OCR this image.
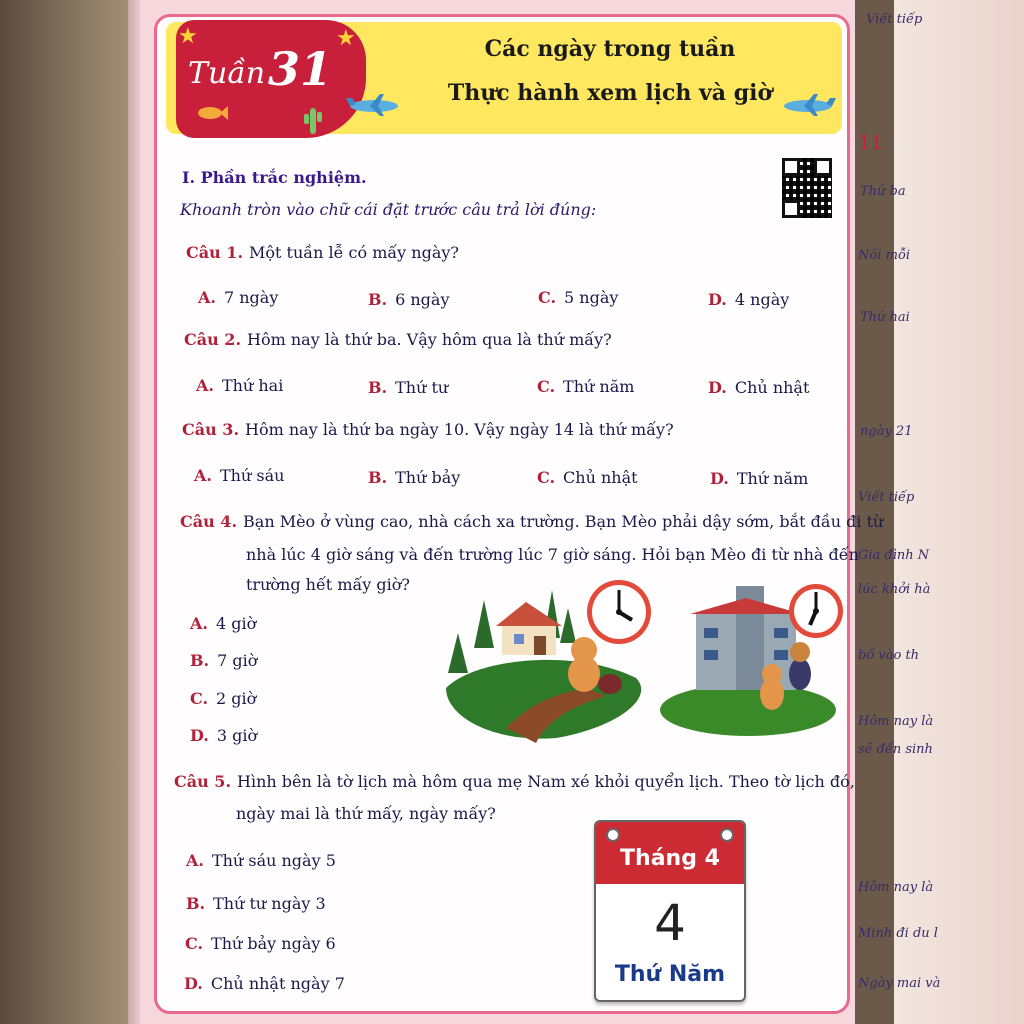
Tuần 31
★	★	Các ngày trong tuần
Thực hành xem lịch và giờ
I. Phần trắc nghiệm.
Khoanh tròn vào chữ cái đặt trước câu trả lời đúng:
Câu 1. Một tuần lễ có mấy ngày?
A. 7 ngày	B. 6 ngày	C. 5 ngày	D. 4 ngày
Câu 2. Hôm nay là thứ ba. Vậy hôm qua là thứ mấy?
A. Thứ hai	B. Thứ tư	C. Thứ năm	D. Chủ nhật
Câu 3. Hôm nay là thứ ba ngày 10. Vậy ngày 14 là thứ mấy?
A. Thứ sáu	B. Thứ bảy	C. Chủ nhật	D. Thứ năm
Câu 4. Bạn Mèo ở vùng cao, nhà cách xa trường. Bạn Mèo phải dậy sớm, bắt đầu đi từ
nhà lúc 4 giờ sáng và đến trường lúc 7 giờ sáng. Hỏi bạn Mèo đi từ nhà đến
trường hết mấy giờ?
A. 4 giờ
B. 7 giờ
C. 2 giờ
D. 3 giờ
Câu 5. Hình bên là tờ lịch mà hôm qua mẹ Nam xé khỏi quyển lịch. Theo tờ lịch đó,
ngày mai là thứ mấy, ngày mấy?
A. Thứ sáu ngày 5
B. Thứ tư ngày 3
C. Thứ bảy ngày 6
D. Chủ nhật ngày 7
Tháng 4
4
Thứ Năm
Viết tiếp
11
Thứ ba
Nối mỗi
Thứ hai
ngày 21
Viết tiếp
Gia đình N
lúc khởi hà
bố vào th
Hôm nay là
sẽ đến sinh
Hôm nay là
Minh đi du l
Ngày mai và
